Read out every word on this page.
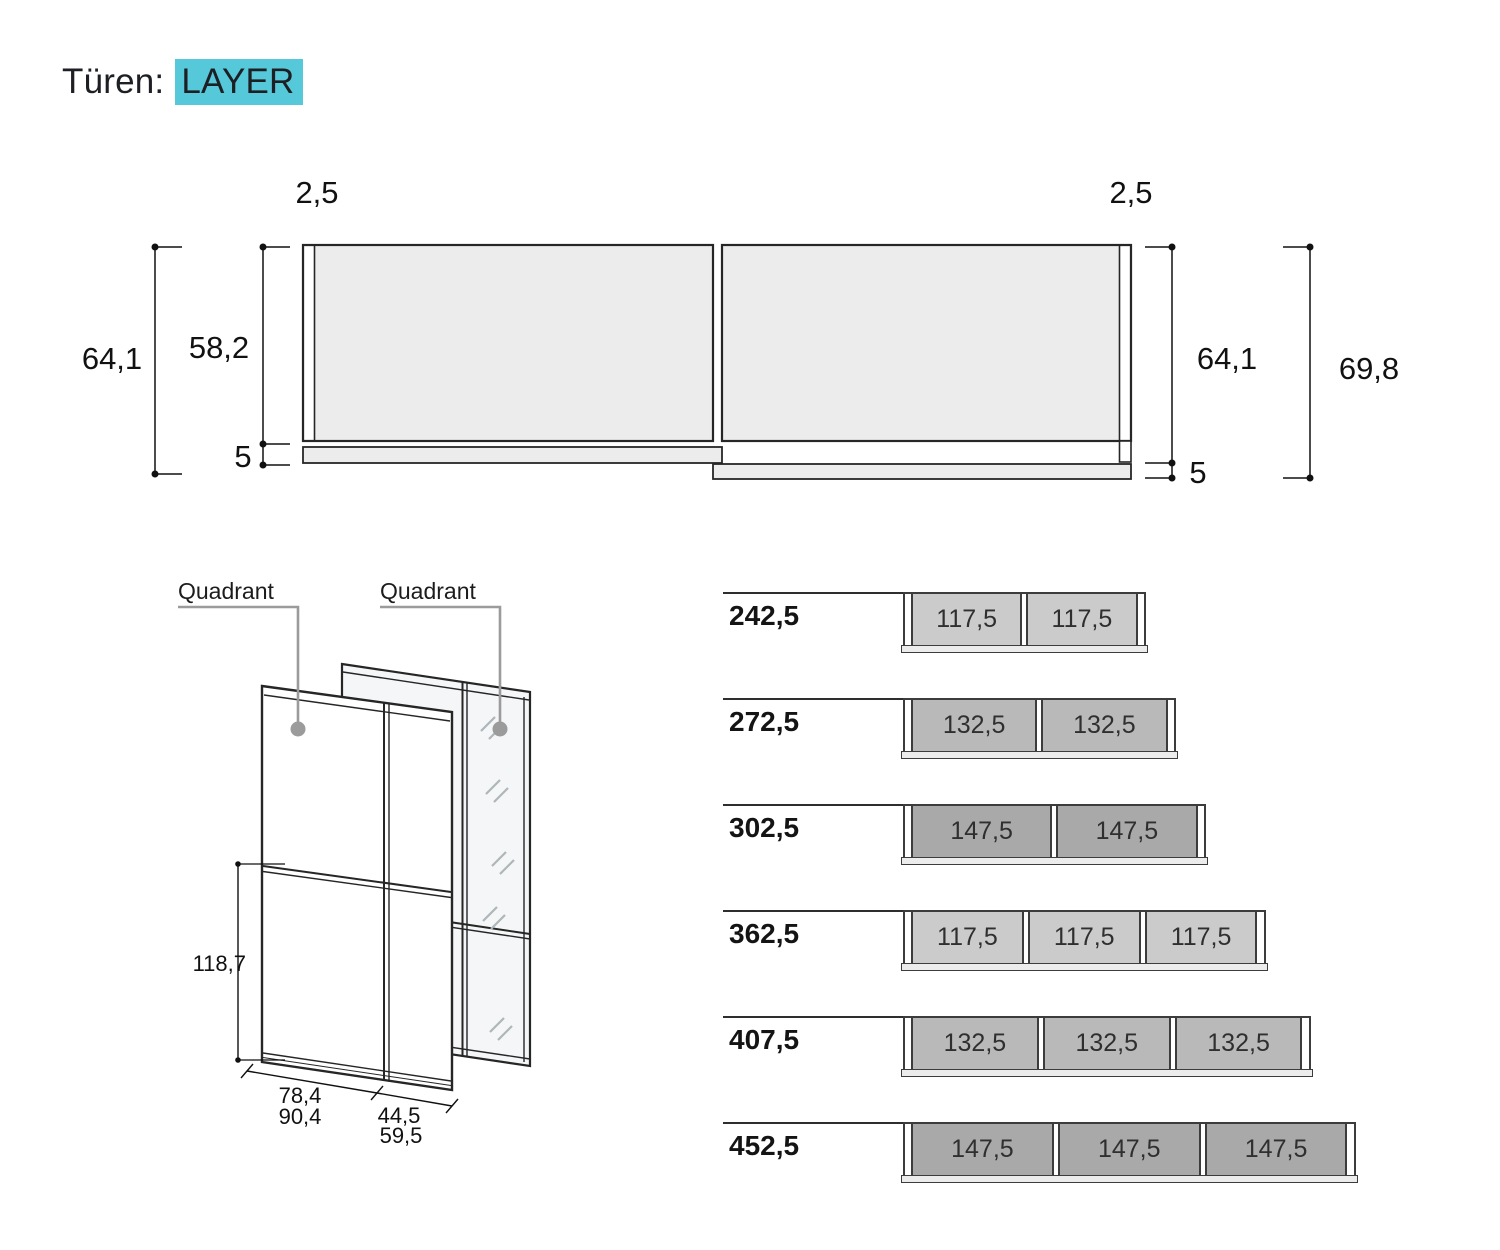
2,5	2,5
64,1 58,2
5
64,1
5
69,8
Quadrant	Quadrant
118,7
78,4
90,4	44,5
59,5
Türen: LAYER
242,5	117,5 117,5
272,5	132,5	132,5
302,5	147,5	147,5
362,5	117,5 117,5 117,5
407,5	132,5	132,5	132,5
452,5	147,5	147,5	147,5
